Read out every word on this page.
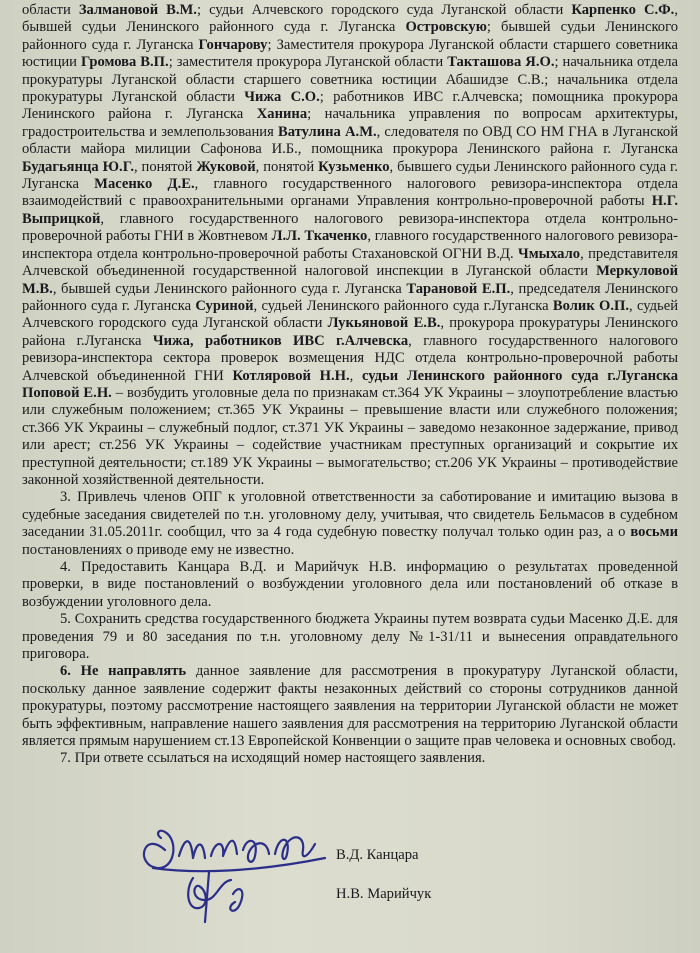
области Залмановой В.М.; судьи Алчевского городского суда Луганской области Карпенко С.Ф., бывшей судьи Ленинского районного суда г. Луганска Островскую; бывшей судьи Ленинского районного суда г. Луганска Гончарову; Заместителя прокурора Луганской области старшего советника юстиции Громова В.П.; заместителя прокурора Луганской области Такташова Я.О.; начальника отдела прокуратуры Луганской области старшего советника юстиции Абашидзе С.В.; начальника отдела прокуратуры Луганской области Чижа С.О.; работников ИВС г.Алчевска; помощника прокурора Ленинского района г. Луганска Ханина; начальника управления по вопросам архитектуры, градостроительства и землепользования Ватулина А.М., следователя по ОВД СО НМ ГНА в Луганской области майора милиции Сафонова И.Б., помощника прокурора Ленинского района г. Луганска Будагьянца Ю.Г., понятой Жуковой, понятой Кузьменко, бывшего судьи Ленинского районного суда г. Луганска Масенко Д.Е., главного государственного налогового ревизора-инспектора отдела взаимодействий с правоохранительными органами Управления контрольно-проверочной работы Н.Г. Выприцкой, главного государственного налогового ревизора-инспектора отдела контрольно-проверочной работы ГНИ в Жовтневом Л.Л. Ткаченко, главного государственного налогового ревизора-инспектора отдела контрольно-проверочной работы Стахановской ОГНИ В.Д. Чмыхало, представителя Алчевской объединенной государственной налоговой инспекции в Луганской области Меркуловой М.В., бывшей судьи Ленинского районного суда г. Луганска Тарановой Е.П., председателя Ленинского районного суда г. Луганска Суриной, судьей Ленинского районного суда г.Луганска Волик О.П., судьей Алчевского городского суда Луганской области Лукьяновой Е.В., прокурора прокуратуры Ленинского района г.Луганска Чижа, работников ИВС г.Алчевска, главного государственного налогового ревизора-инспектора сектора проверок возмещения НДС отдела контрольно-проверочной работы Алчевской объединенной ГНИ Котляровой Н.Н., судьи Ленинского районного суда г.Луганска Поповой Е.Н. – возбудить уголовные дела по признакам ст.364 УК Украины – злоупотребление властью или служебным положением; ст.365 УК Украины – превышение власти или служебного положения; ст.366 УК Украины – служебный подлог, ст.371 УК Украины – заведомо незаконное задержание, привод или арест; ст.256 УК Украины – содействие участникам преступных организаций и сокрытие их преступной деятельности; ст.189 УК Украины – вымогательство; ст.206 УК Украины – противодействие законной хозяйственной деятельности.

3. Привлечь членов ОПГ к уголовной ответственности за саботирование и имитацию вызова в судебные заседания свидетелей по т.н. уголовному делу, учитывая, что свидетель Бельмасов в судебном заседании 31.05.2011г. сообщил, что за 4 года судебную повестку получал только один раз, а о восьми постановлениях о приводе ему не известно.

4. Предоставить Канцара В.Д. и Марийчук Н.В. информацию о результатах проведенной проверки, в виде постановлений о возбуждении уголовного дела или постановлений об отказе в возбуждении уголовного дела.

5. Сохранить средства государственного бюджета Украины путем возврата судьи Масенко Д.Е. для проведения 79 и 80 заседания по т.н. уголовному делу №1-31/11 и вынесения оправдательного приговора.

6. Не направлять данное заявление для рассмотрения в прокуратуру Луганской области, поскольку данное заявление содержит факты незаконных действий со стороны сотрудников данной прокуратуры, поэтому рассмотрение настоящего заявления на территории Луганской области не может быть эффективным, направление нашего заявления для рассмотрения на территорию Луганской области является прямым нарушением ст.13 Европейской Конвенции о защите прав человека и основных свобод.

7. При ответе ссылаться на исходящий номер настоящего заявления.

В.Д. Канцара
Н.В. Марийчук
